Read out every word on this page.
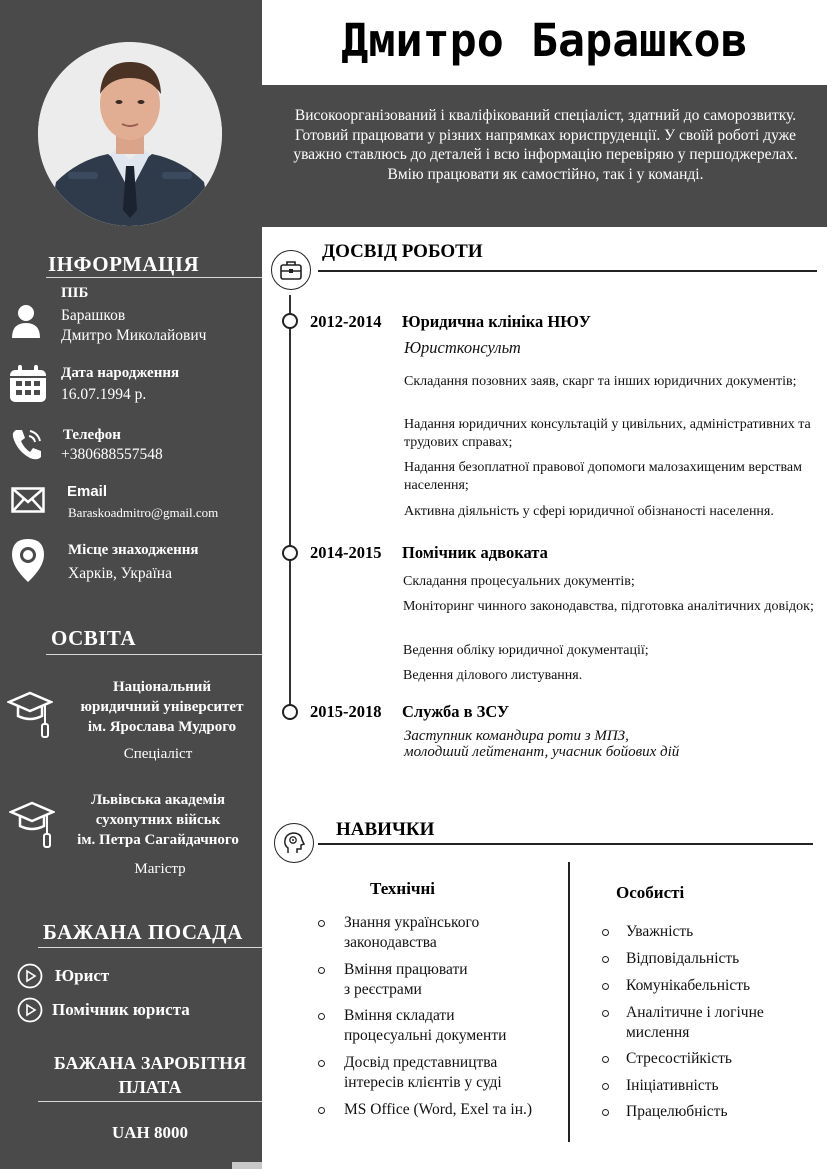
ІНФОРМАЦІЯ
ПІБ
Барашков
Дмитро Миколайович
Дата народження
16.07.1994 р.
Телефон
+380688557548
Email
Baraskoadmitro@gmail.com
Місце знаходження
Харків, Україна
ОСВІТА
Національний
юридичний університет
ім. Ярослава Мудрого
Спеціаліст
Львівська академія
сухопутних військ
ім. Петра Сагайдачного
Магістр
БАЖАНА ПОСАДА
Юрист
Помічник юриста
БАЖАНА ЗАРОБІТНЯ
ПЛАТА
UAH 8000
Дмитро Барашков
Високоорганізований і кваліфікований спеціаліст, здатний до саморозвитку. Готовий працювати у різних напрямках юриспруденції. У своїй роботі дуже уважно ставлюсь до деталей і всю інформацію перевіряю у першоджерелах. Вмію працювати як самостійно, так і у команді.
ДОСВІД РОБОТИ
2012-2014 Юридична клініка НЮУ
Юристконсульт
Складання позовних заяв, скарг та інших юридичних документів;
Надання юридичних консультацій у цивільних, адміністративних та трудових справах;
Надання безоплатної правової допомоги малозахищеним верствам населення;
Активна діяльність у сфері юридичної обізнаності населення.
2014-2015 Помічник адвоката
Складання процесуальних документів;
Моніторинг чинного законодавства, підготовка аналітичних довідок;
Ведення обліку юридичної документації;
Ведення ділового листування.
2015-2018 Служба в ЗСУ
Заступник командира роти з МПЗ,
молодший лейтенант, учасник бойових дій
НАВИЧКИ
Технічні	Особисті
Знання українського
законодавства
Вміння працювати
з реєстрами
Вміння складати
процесуальні документи
Досвід представництва
інтересів клієнтів у суді
MS Office (Word, Exel та ін.)
Уважність
Відповідальність
Комунікабельність
Аналітичне і логічне
мислення
Стресостійкість
Ініціативність
Працелюбність
